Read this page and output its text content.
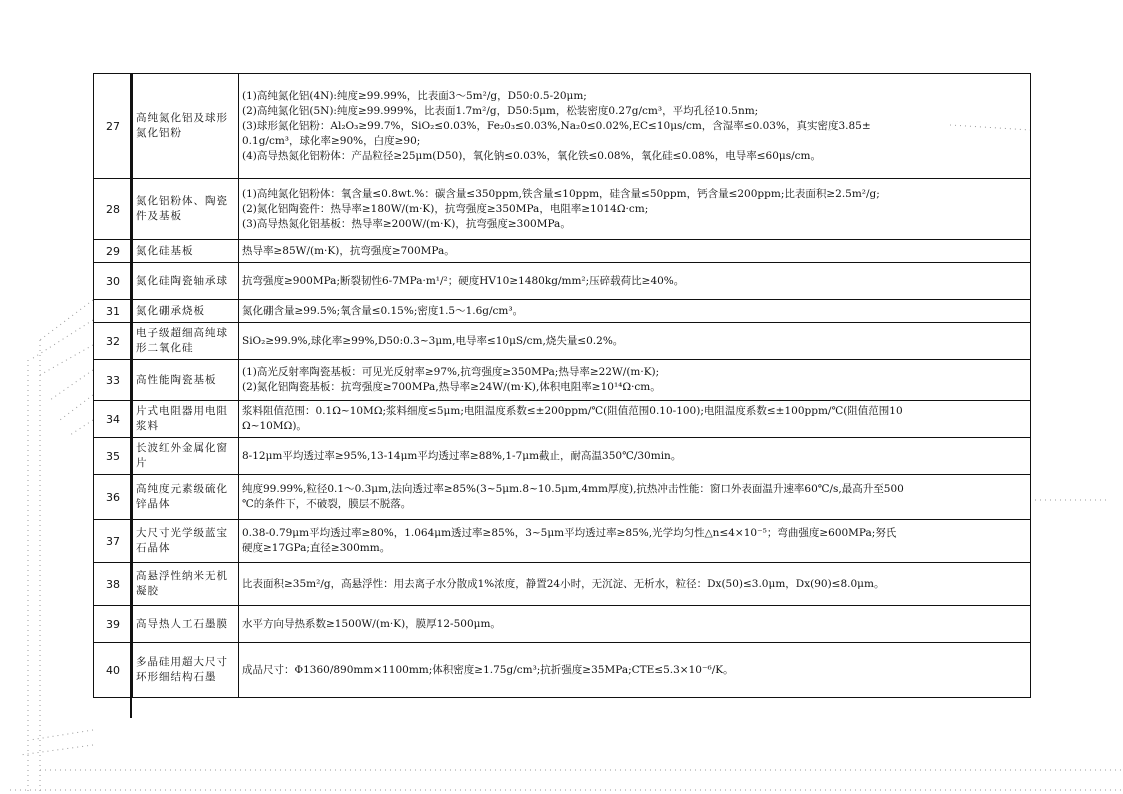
27	高纯氮化铝及球形氮化铝粉	(1)高纯氮化铝(4N):纯度≥99.99%，比表面3～5m²/g，D50:0.5-20μm;
(2)高纯氮化铝(5N):纯度≥99.999%，比表面1.7m²/g，D50:5μm，松装密度0.27g/cm³，平均孔径10.5nm;
(3)球形氮化铝粉：Al₂O₃≥99.7%，SiO₂≤0.03%，Fe₂0₃≤0.03%,Na₂0≤0.02%,EC≤10μs/cm，含湿率≤0.03%，真实密度3.85±
0.1g/cm³，球化率≥90%，白度≥90;
(4)高导热氮化铝粉体：产品粒径≥25μm(D50)，氧化钠≤0.03%，氧化铁≤0.08%，氧化硅≤0.08%，电导率≤60μs/cm。

28	氮化铝粉体、陶瓷件及基板	(1)高纯氮化铝粉体：氧含量≤0.8wt.%：碳含量≤350ppm,铁含量≤10ppm，硅含量≤50ppm，钙含量≤200ppm;比表面积≥2.5m²/g;
(2)氮化铝陶瓷件：热导率≥180W/(m·K)，抗弯强度≥350MPa，电阻率≥1014Ω·cm;
(3)高导热氮化铝基板：热导率≥200W/(m·K)，抗弯强度≥300MPa。

29	氮化硅基板	热导率≥85W/(m·K)，抗弯强度≥700MPa。

30	氮化硅陶瓷轴承球	抗弯强度≥900MPa;断裂韧性6-7MPa·m¹/²；硬度HV10≥1480kg/mm²;压碎载荷比≥40%。

31	氮化硼承烧板	氮化硼含量≥99.5%;氧含量≤0.15%;密度1.5～1.6g/cm³。

32	电子级超细高纯球形二氧化硅	SiO₂≥99.9%,球化率≥99%,D50:0.3~3μm,电导率≤10μS/cm,烧失量≤0.2%。

33	高性能陶瓷基板	(1)高光反射率陶瓷基板：可见光反射率≥97%,抗弯强度≥350MPa;热导率≥22W/(m·K);
(2)氮化铝陶瓷基板：抗弯强度≥700MPa,热导率≥24W/(m·K),体积电阻率≥10¹⁴Ω·cm。

34	片式电阻器用电阻浆料	浆料阻值范围：0.1Ω~10MΩ;浆料细度≤5μm;电阻温度系数≤±200ppm/℃(阻值范围0.10-100);电阻温度系数≤±100ppm/℃(阻值范围10
Ω~10MΩ)。

35	长波红外金属化窗片	8-12μm平均透过率≥95%,13-14μm平均透过率≥88%,1-7μm截止，耐高温350℃/30min。

36	高纯度元素级硫化锌晶体	纯度99.99%,粒径0.1～0.3μm,法向透过率≥85%(3~5μm.8~10.5μm,4mm厚度),抗热冲击性能：窗口外表面温升速率60℃/s,最高升至500
℃的条件下，不破裂，膜层不脱落。

37	大尺寸光学级蓝宝石晶体	0.38-0.79μm平均透过率≥80%，1.064μm透过率≥85%，3~5μm平均透过率≥85%,光学均匀性△n≤4×10⁻⁵；弯曲强度≥600MPa;努氏
硬度≥17GPa;直径≥300mm。

38	高悬浮性纳米无机凝胶	比表面积≥35m²/g，高悬浮性：用去离子水分散成1%浓度，静置24小时，无沉淀、无析水，粒径：Dx(50)≤3.0μm，Dx(90)≤8.0μm。

39	高导热人工石墨膜	水平方向导热系数≥1500W/(m·K)，膜厚12-500μm。

40	多晶硅用超大尺寸环形细结构石墨	成品尺寸：Φ1360/890mm×1100mm;体积密度≥1.75g/cm³;抗折强度≥35MPa;CTE≤5.3×10⁻⁶/K。
